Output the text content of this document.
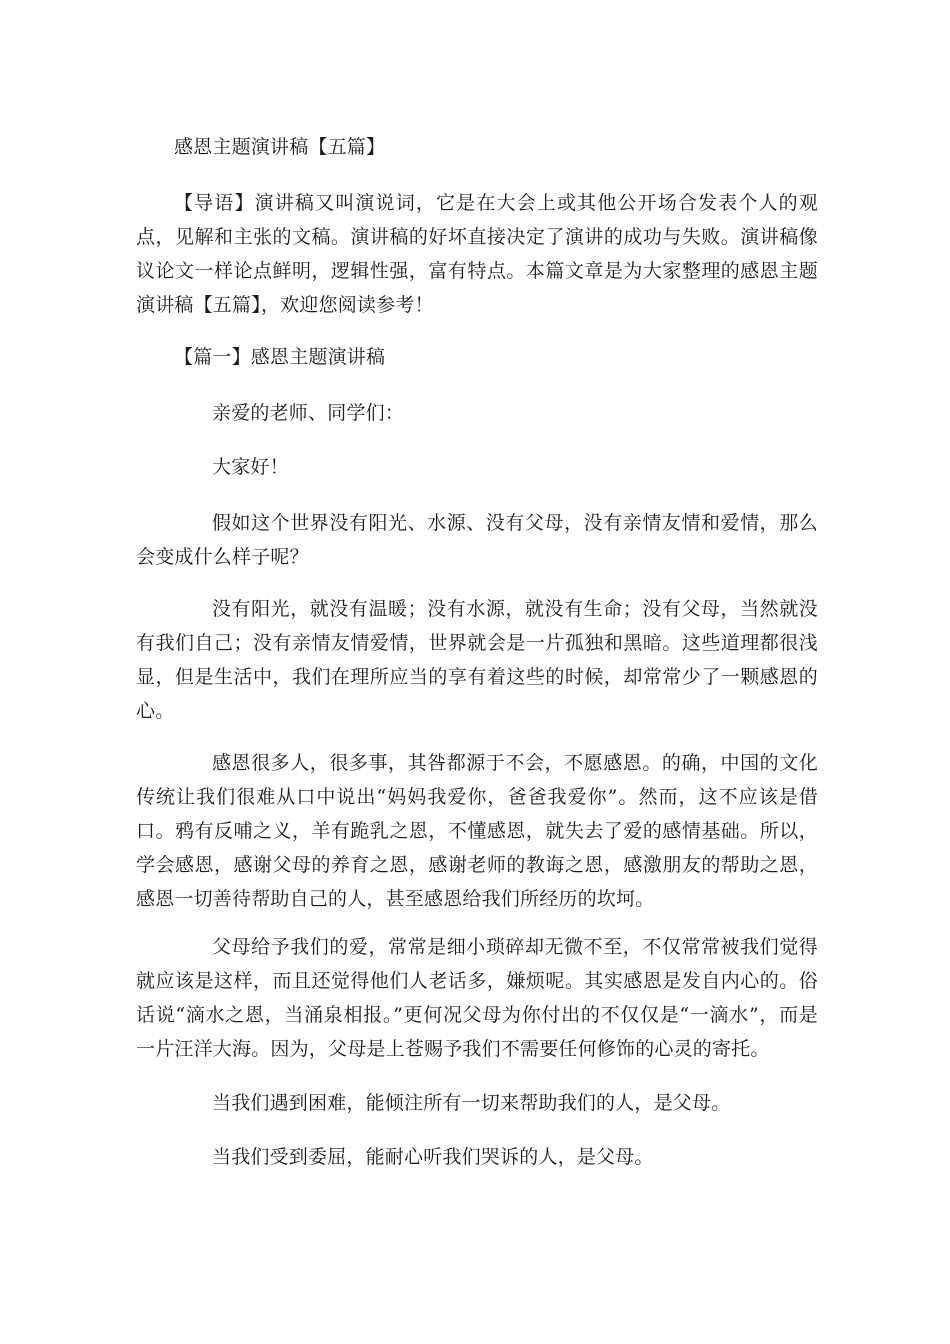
感恩主题演讲稿【五篇】

【导语】演讲稿又叫演说词，它是在大会上或其他公开场合发表个人的观点，见解和主张的文稿。演讲稿的好坏直接决定了演讲的成功与失败。演讲稿像议论文一样论点鲜明，逻辑性强，富有特点。本篇文章是为大家整理的感恩主题演讲稿【五篇】，欢迎您阅读参考！

【篇一】感恩主题演讲稿

亲爱的老师、同学们：

大家好！

假如这个世界没有阳光、水源、没有父母，没有亲情友情和爱情，那么会变成什么样子呢？

没有阳光，就没有温暖；没有水源，就没有生命；没有父母，当然就没有我们自己；没有亲情友情爱情，世界就会是一片孤独和黑暗。这些道理都很浅显，但是生活中，我们在理所应当的享有着这些的时候，却常常少了一颗感恩的心。

感恩很多人，很多事，其咎都源于不会，不愿感恩。的确，中国的文化传统让我们很难从口中说出“妈妈我爱你，爸爸我爱你”。然而，这不应该是借口。鸦有反哺之义，羊有跪乳之恩，不懂感恩，就失去了爱的感情基础。所以，学会感恩，感谢父母的养育之恩，感谢老师的教诲之恩，感激朋友的帮助之恩，感恩一切善待帮助自己的人，甚至感恩给我们所经历的坎坷。

父母给予我们的爱，常常是细小琐碎却无微不至，不仅常常被我们觉得就应该是这样，而且还觉得他们人老话多，嫌烦呢。其实感恩是发自内心的。俗话说“滴水之恩，当涌泉相报。”更何况父母为你付出的不仅仅是“一滴水”，而是一片汪洋大海。因为，父母是上苍赐予我们不需要任何修饰的心灵的寄托。

当我们遇到困难，能倾注所有一切来帮助我们的人，是父母。

当我们受到委屈，能耐心听我们哭诉的人，是父母。
